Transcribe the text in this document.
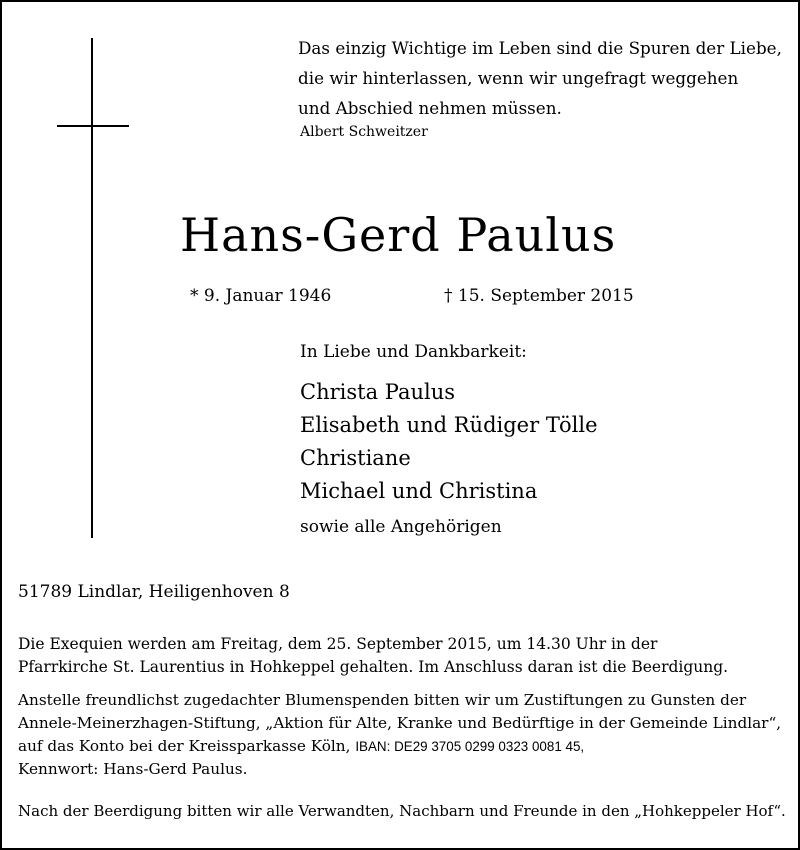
Das einzig Wichtige im Leben sind die Spuren der Liebe,
die wir hinterlassen, wenn wir ungefragt weggehen
und Abschied nehmen müssen.
Albert Schweitzer
Hans-Gerd Paulus
* 9. Januar 1946	† 15. September 2015
In Liebe und Dankbarkeit:
Christa Paulus
Elisabeth und Rüdiger Tölle
Christiane
Michael und Christina
sowie alle Angehörigen
51789 Lindlar, Heiligenhoven 8
Die Exequien werden am Freitag, dem 25. September 2015, um 14.30 Uhr in der
Pfarrkirche St. Laurentius in Hohkeppel gehalten. Im Anschluss daran ist die Beerdigung.
Anstelle freundlichst zugedachter Blumenspenden bitten wir um Zustiftungen zu Gunsten der
Annele-Meinerzhagen-Stiftung, „Aktion für Alte, Kranke und Bedürftige in der Gemeinde Lindlar“,
auf das Konto bei der Kreissparkasse Köln, IBAN: DE29 3705 0299 0323 0081 45,
Kennwort: Hans-Gerd Paulus.
Nach der Beerdigung bitten wir alle Verwandten, Nachbarn und Freunde in den „Hohkeppeler Hof“.
